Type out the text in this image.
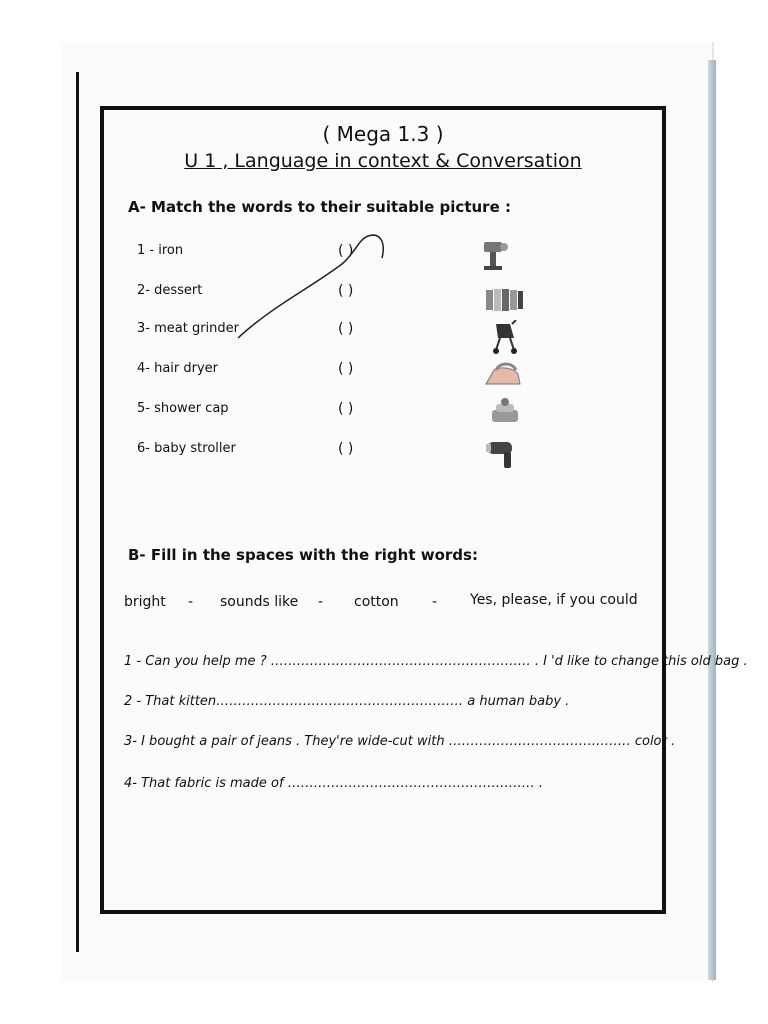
( Mega 1.3 )
U 1 , Language in context & Conversation
A- Match the words to their suitable picture :
1 - iron
2- dessert
3- meat grinder
4- hair dryer
5- shower cap
6- baby stroller
( )
( )
( )
( )
( )
( )
B- Fill in the spaces with the right words:
bright - sounds like - cotton - Yes, please, if you could
1 - Can you help me ? …………………………………………………… . I 'd like to change this old bag .
2 - That kitten………………………………………………… a human baby .
3- I bought a pair of jeans . They're wide-cut with …………………………………… color .
4- That fabric is made of ………………………………………………… .
